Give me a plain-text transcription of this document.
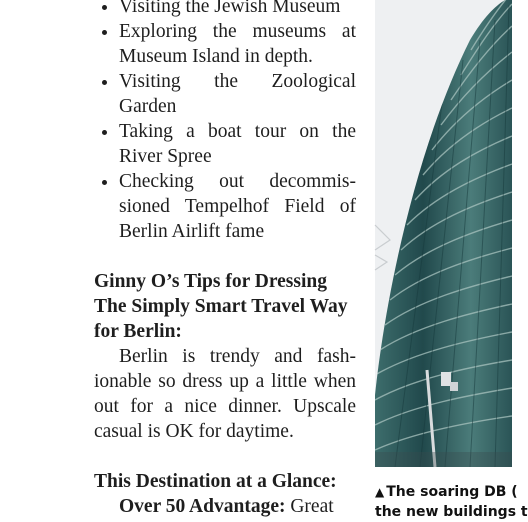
• Visiting the Jewish Museum
• Exploring the museums at Museum Island in depth.
• Visiting the Zoological Garden
• Taking a boat tour on the River Spree
• Checking out decommissioned Tempelhof Field of Berlin Airlift fame
Ginny O’s Tips for Dressing The Simply Smart Travel Way for Berlin:

Berlin is trendy and fashionable so dress up a little when out for a nice dinner. Upscale casual is OK for daytime.

This Destination at a Glance:

Over 50 Advantage: Great

▲ The soaring DB (
the new buildings t
